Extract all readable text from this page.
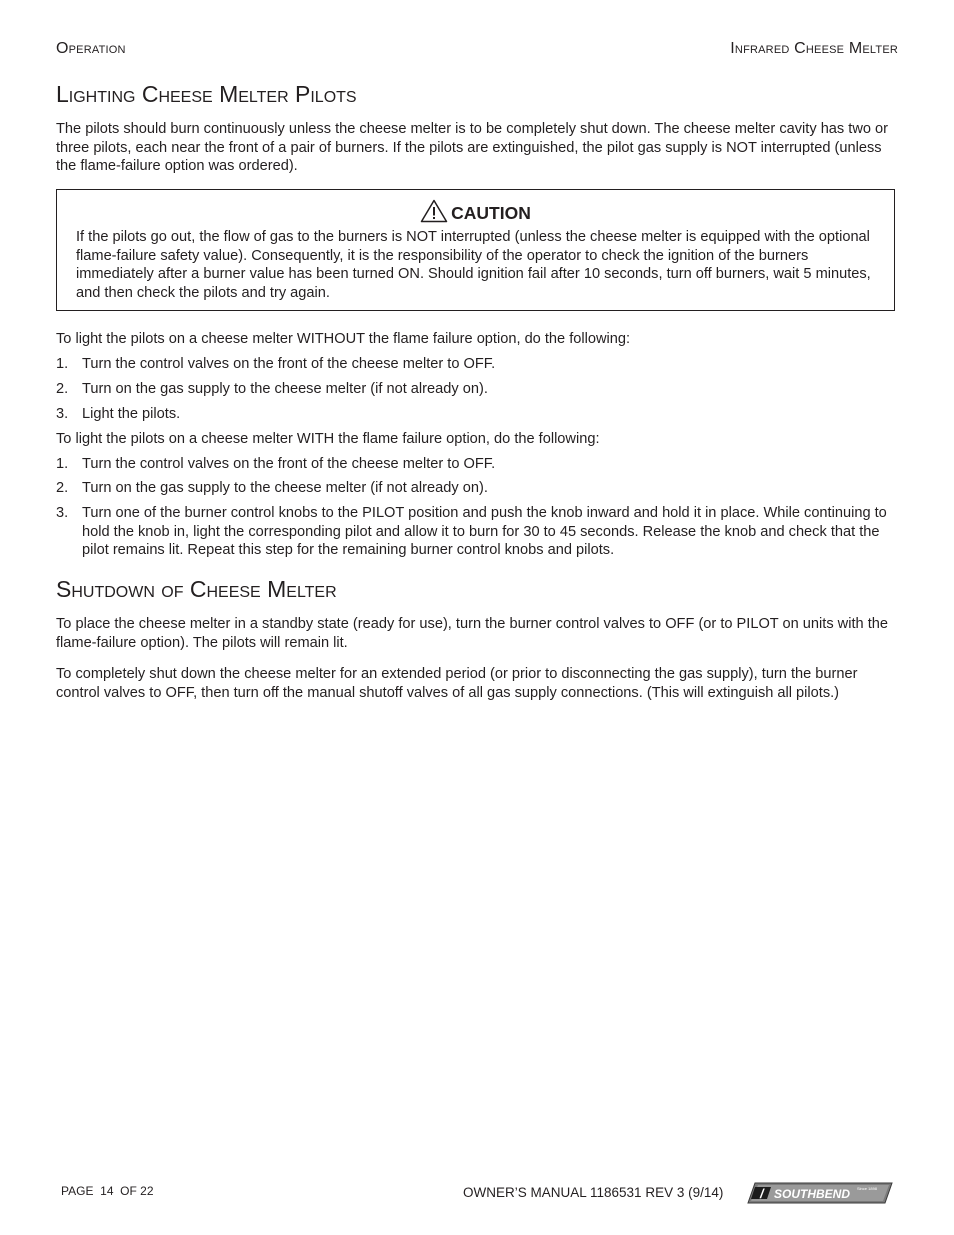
Operation	Infrared Cheese Melter
Lighting Cheese Melter Pilots

The pilots should burn continuously unless the cheese melter is to be completely shut down. The cheese melter cavity has two or three pilots, each near the front of a pair of burners. If the pilots are extinguished, the pilot gas supply is NOT interrupted (unless the flame-failure option was ordered).

CAUTION

If the pilots go out, the flow of gas to the burners is NOT interrupted (unless the cheese melter is equipped with the optional flame-failure safety value). Consequently, it is the responsibility of the operator to check the ignition of the burners immediately after a burner value has been turned ON. Should ignition fail after 10 seconds, turn off burners, wait 5 minutes, and then check the pilots and try again.

To light the pilots on a cheese melter WITHOUT the flame failure option, do the following:

1. Turn the control valves on the front of the cheese melter to OFF.
2. Turn on the gas supply to the cheese melter (if not already on).
3. Light the pilots.

To light the pilots on a cheese melter WITH the flame failure option, do the following:

1. Turn the control valves on the front of the cheese melter to OFF.
2. Turn on the gas supply to the cheese melter (if not already on).
3. Turn one of the burner control knobs to the PILOT position and push the knob inward and hold it in place. While continuing to hold the knob in, light the corresponding pilot and allow it to burn for 30 to 45 seconds. Release the knob and check that the pilot remains lit. Repeat this step for the remaining burner control knobs and pilots.
Shutdown of Cheese Melter

To place the cheese melter in a standby state (ready for use), turn the burner control valves to OFF (or to PILOT on units with the flame-failure option). The pilots will remain lit.

To completely shut down the cheese melter for an extended period (or prior to disconnecting the gas supply), turn the burner control valves to OFF, then turn off the manual shutoff valves of all gas supply connections. (This will extinguish all pilots.)

PAGE 14 OF 22	OWNER’S MANUAL 1186531 REV 3 (9/14)	/ SOUTHBEND Since 1898
